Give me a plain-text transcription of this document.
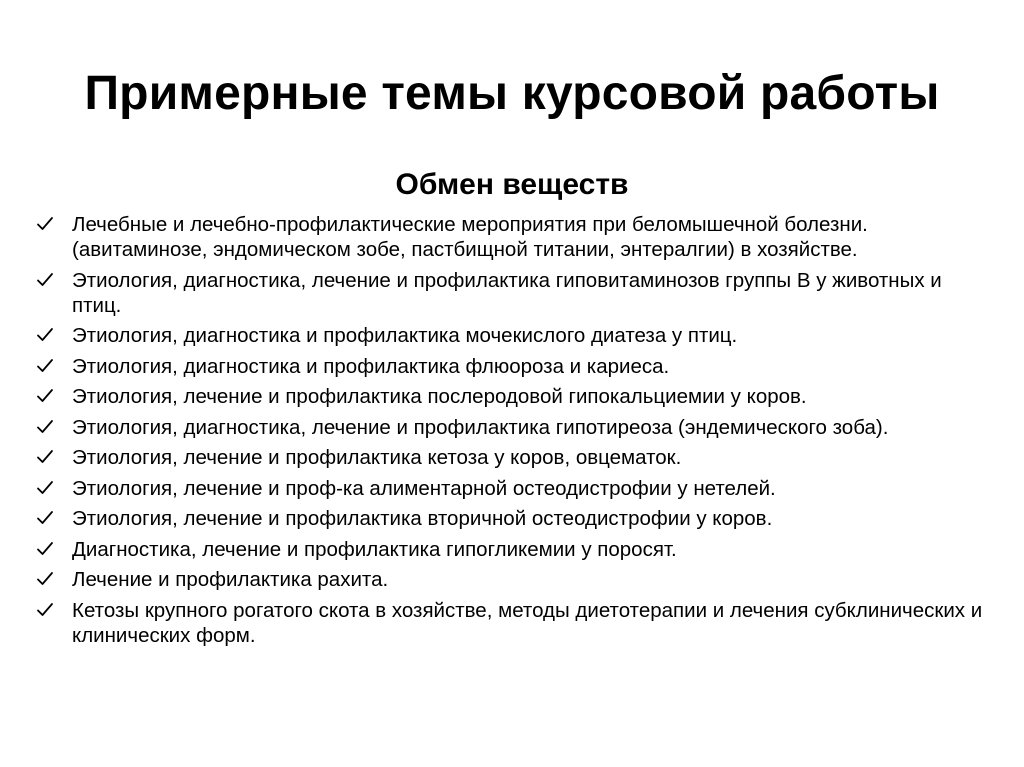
Примерные темы курсовой работы
Обмен веществ
Лечебные и лечебно-профилактические мероприятия при беломышечной болезни. (авитаминозе, эндомическом зобе, пастбищной титании, энтералгии) в хозяйстве.
Этиология, диагностика, лечение и профилактика гиповитаминозов группы В у животных и птиц.
Этиология, диагностика и профилактика мочекислого диатеза у птиц.
Этиология, диагностика и профилактика флюороза и кариеса.
Этиология, лечение и профилактика послеродовой гипокальциемии у коров.
Этиология, диагностика, лечение и профилактика гипотиреоза (эндемического зоба).
Этиология, лечение и профилактика кетоза у коров, овцематок.
Этиология, лечение и проф-ка алиментарной остеодистрофии у нетелей.
Этиология, лечение и профилактика вторичной остеодистрофии у коров.
Диагностика, лечение и профилактика гипогликемии у поросят.
Лечение и профилактика рахита.
Кетозы крупного рогатого скота в хозяйстве, методы диетотерапии и лечения субклинических и клинических форм.
